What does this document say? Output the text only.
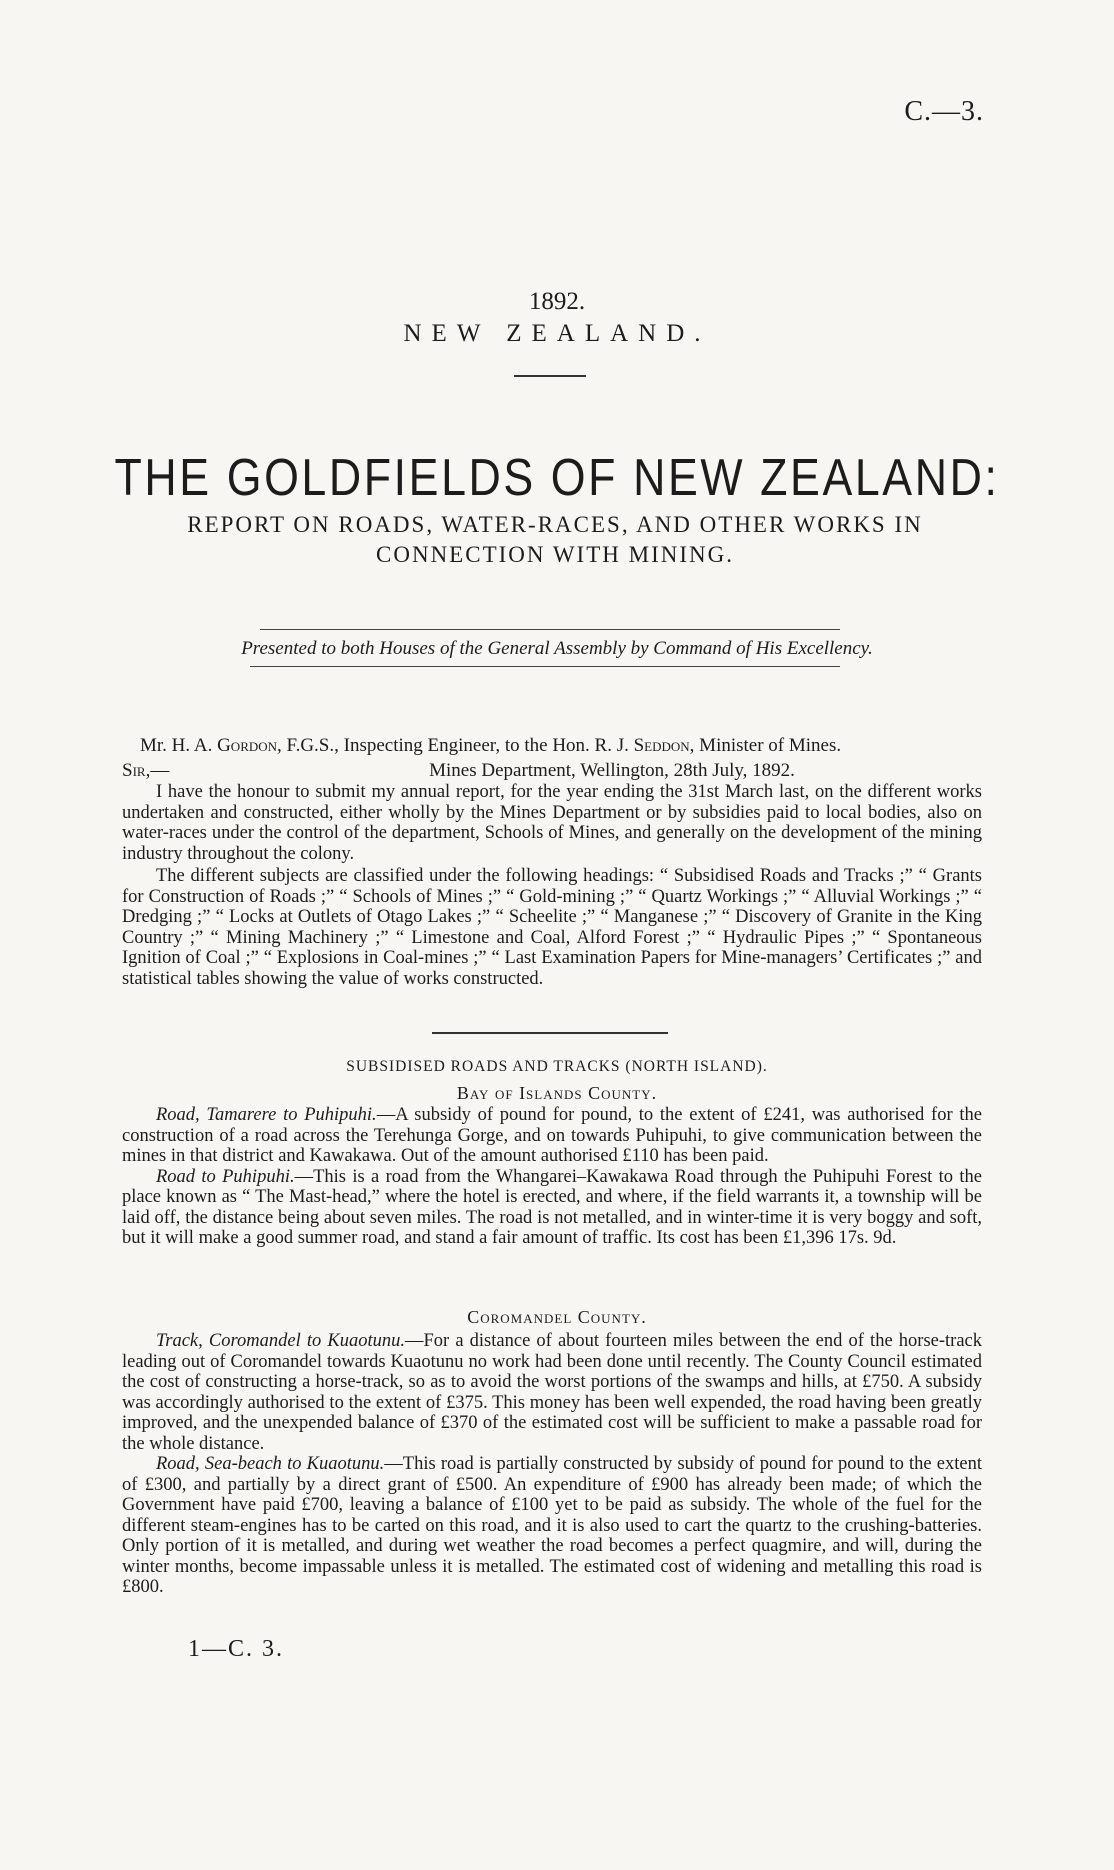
C.—3.
1892.
NEW ZEALAND.
THE GOLDFIELDS OF NEW ZEALAND:
REPORT ON ROADS, WATER-RACES, AND OTHER WORKS IN CONNECTION WITH MINING.
Presented to both Houses of the General Assembly by Command of His Excellency.
Mr. H. A. Gordon, F.G.S., Inspecting Engineer, to the Hon. R. J. Seddon, Minister of Mines.
Sir,—	Mines Department, Wellington, 28th July, 1892.

I have the honour to submit my annual report, for the year ending the 31st March last, on the different works undertaken and constructed, either wholly by the Mines Department or by subsidies paid to local bodies, also on water-races under the control of the department, Schools of Mines, and generally on the development of the mining industry throughout the colony.

The different subjects are classified under the following headings: “ Subsidised Roads and Tracks ;” “ Grants for Construction of Roads ;” “ Schools of Mines ;” “ Gold-mining ;” “ Quartz Workings ;” “ Alluvial Workings ;” “ Dredging ;” “ Locks at Outlets of Otago Lakes ;” “ Scheelite ;” “ Manganese ;” “ Discovery of Granite in the King Country ;” “ Mining Machinery ;” “ Limestone and Coal, Alford Forest ;” “ Hydraulic Pipes ;” “ Spontaneous Ignition of Coal ;” “ Explosions in Coal-mines ;” “ Last Examination Papers for Mine-managers’ Certificates ;” and statistical tables showing the value of works constructed.

SUBSIDISED ROADS AND TRACKS (NORTH ISLAND).
Bay of Islands County.

Road, Tamarere to Puhipuhi.—A subsidy of pound for pound, to the extent of £241, was authorised for the construction of a road across the Terehunga Gorge, and on towards Puhipuhi, to give communication between the mines in that district and Kawakawa. Out of the amount authorised £110 has been paid.

Road to Puhipuhi.—This is a road from the Whangarei–Kawakawa Road through the Puhipuhi Forest to the place known as “ The Mast-head,” where the hotel is erected, and where, if the field warrants it, a township will be laid off, the distance being about seven miles. The road is not metalled, and in winter-time it is very boggy and soft, but it will make a good summer road, and stand a fair amount of traffic. Its cost has been £1,396 17s. 9d.

Coromandel County.

Track, Coromandel to Kuaotunu.—For a distance of about fourteen miles between the end of the horse-track leading out of Coromandel towards Kuaotunu no work had been done until recently. The County Council estimated the cost of constructing a horse-track, so as to avoid the worst portions of the swamps and hills, at £750. A subsidy was accordingly authorised to the extent of £375. This money has been well expended, the road having been greatly improved, and the unexpended balance of £370 of the estimated cost will be sufficient to make a passable road for the whole distance.

Road, Sea-beach to Kuaotunu.—This road is partially constructed by subsidy of pound for pound to the extent of £300, and partially by a direct grant of £500. An expenditure of £900 has already been made; of which the Government have paid £700, leaving a balance of £100 yet to be paid as subsidy. The whole of the fuel for the different steam-engines has to be carted on this road, and it is also used to cart the quartz to the crushing-batteries. Only portion of it is metalled, and during wet weather the road becomes a perfect quagmire, and will, during the winter months, become impassable unless it is metalled. The estimated cost of widening and metalling this road is £800.

1—C. 3.
